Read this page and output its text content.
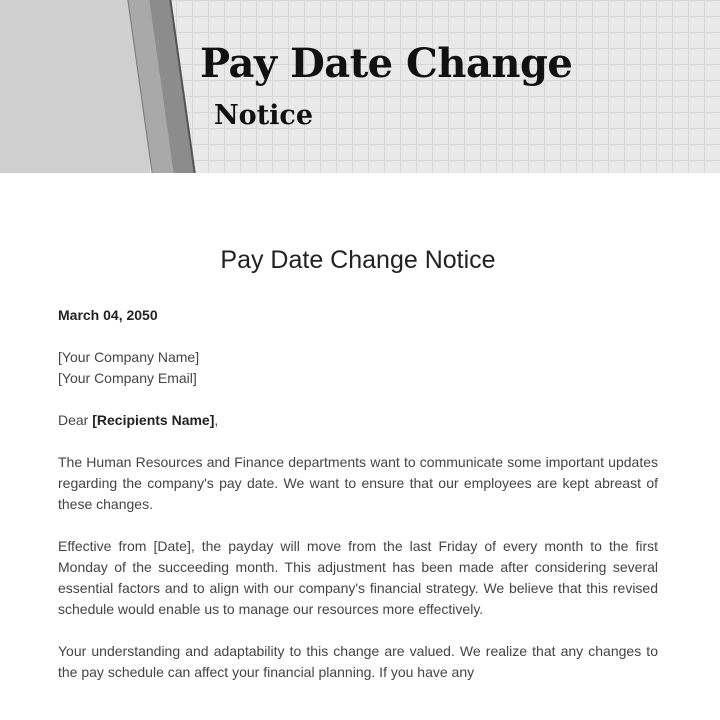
Pay Date Change
Notice
Pay Date Change Notice
March 04, 2050
[Your Company Name]
[Your Company Email]

Dear [Recipients Name],

The Human Resources and Finance departments want to communicate some important updates regarding the company's pay date. We want to ensure that our employees are kept abreast of these changes.

Effective from [Date], the payday will move from the last Friday of every month to the first Monday of the succeeding month. This adjustment has been made after considering several essential factors and to align with our company's financial strategy. We believe that this revised schedule would enable us to manage our resources more effectively.

Your understanding and adaptability to this change are valued. We realize that any changes to the pay schedule can affect your financial planning. If you have any
